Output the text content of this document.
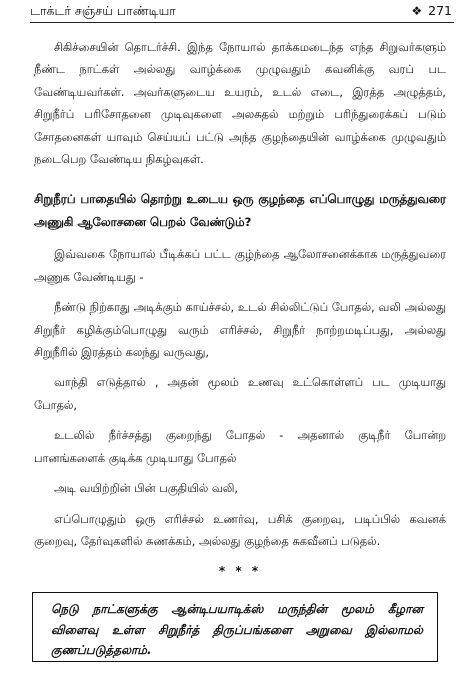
டாக்டர் சஞ்சய் பாண்டியா	❖ 271

சிகிச்சையின் தொடர்ச்சி. இந்த நோயால் தாக்கமடைந்த எந்த சிறுவர்களும் நீண்ட நாட்கள் அல்லது வாழ்க்கை முழுவதும் கவனிக்கு வரப் பட வேண்டியவர்கள். அவர்களுடைய உயரம், உடல் எடை, இரத்த அழுத்தம், சிறுநீர்ப் பரிசோதனை முடிவுகளை அலசுதல் மற்றும் பரிந்துரைக்கப் படும் சோதனைகள் யாவும் செய்யப் பட்டு அந்த குழந்தையின் வாழ்க்கை முழுவதும் நடைபெற வேண்டிய நிகழ்வுகள்.

சிறுநீரப் பாதையில் தொற்று உடைய ஒரு குழந்தை எப்பொழுது மருத்துவரை அணுகி ஆலோசனை பெறல் வேண்டும்?

இவ்வகை நோயால் பீடிக்கப் பட்ட குழ்ந்தை ஆலோசனைக்காக மருத்துவரை அணுக வேண்டியது -

நீண்டு நிற்காது அடிக்கும் காய்ச்சல், உடல் சில்லிட்டுப் போதல், வலி அல்லது சிறுநீர் கழிக்கும்பொழுது வரும் எரிச்சல், சிறுநீர் நாற்றமடிப்பது, அல்லது சிறுநீரில் இரத்தம் கலந்து வருவது,

வாந்தி எடுத்தால் , அதன் மூலம் உணவு உட்கொள்ளப் பட முடியாது போதல்,

உடலில் நீர்ச்சத்து குறைந்து போதல் - அதனால் குடிநீர் போன்ற பானங்களைக் குடிக்க முடியாது போதல்

அடி வயிற்றின் பின் பகுதியில் வலி,

எப்பொழுதும் ஒரு எரிச்சல் உணர்வு, பசிக் குறைவு, படிப்பில் கவனக் குறைவு, தேர்வுகளில் சுணக்கம், அல்லது குழந்தை சுகவீனப் படுதல்.

* * *

நெடு நாட்களுக்கு ஆன்டிபயாடிக்ஸ் மருந்தின் மூலம் கீழான விளைவு உள்ள சிறுநீர்த் திருப்பங்களை அறுவை இல்லாமல் குணப்படுத்தலாம்.
